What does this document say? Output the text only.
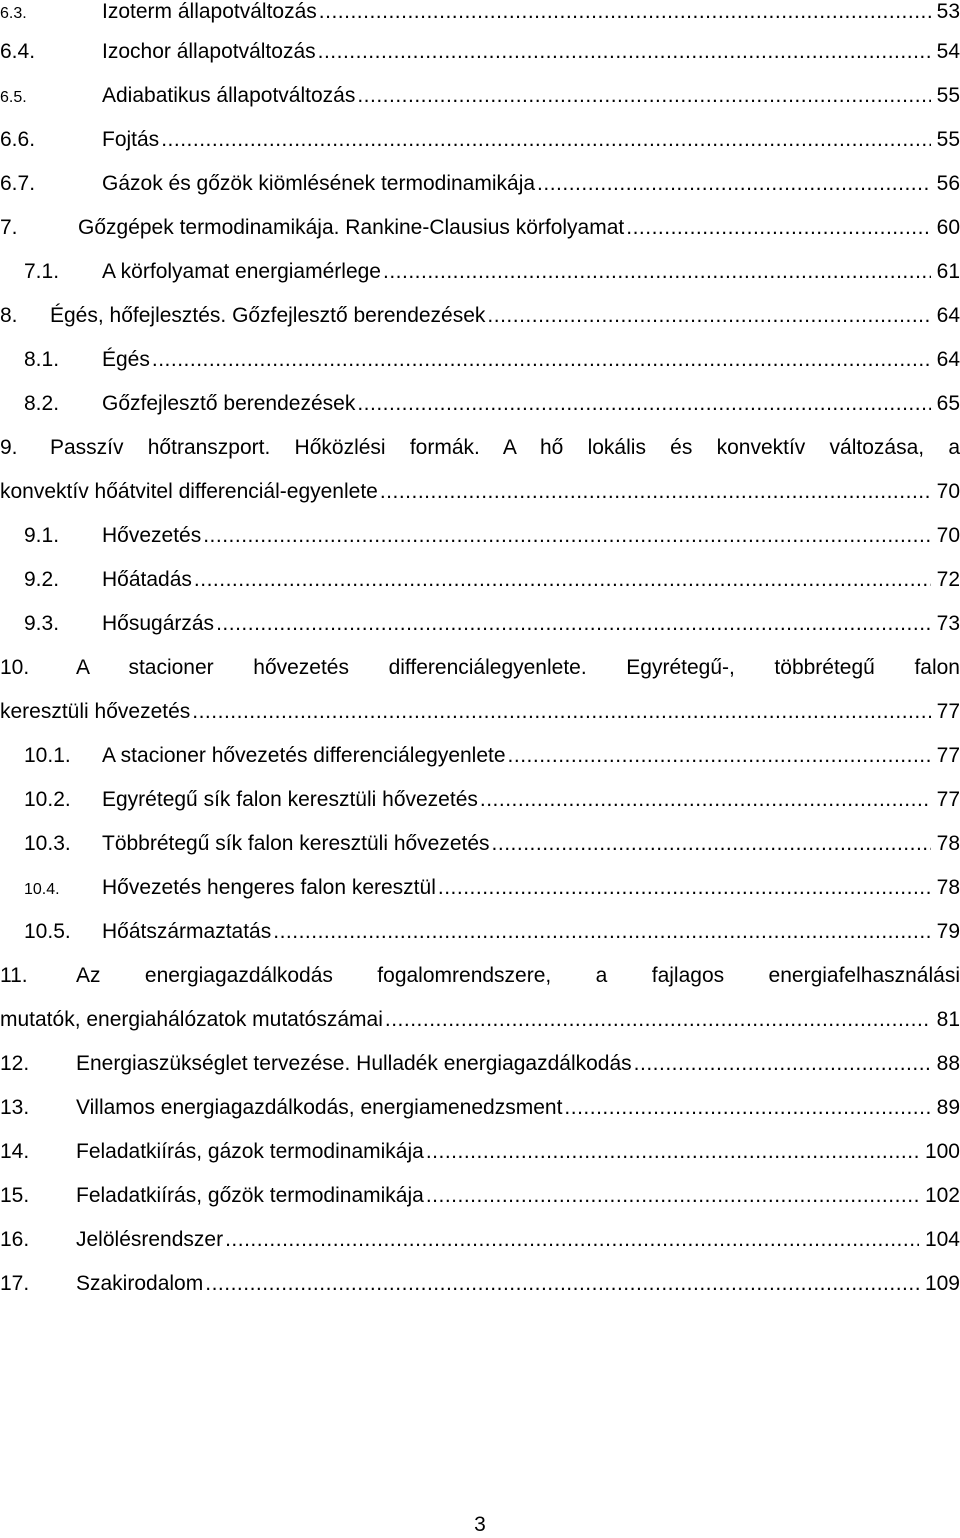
6.3.	Izoterm állapotváltozás .....	53
6.4.	Izochor állapotváltozás .....	54
6.5.	Adiabatikus állapotváltozás .....	55
6.6.	Fojtás .....	55
6.7.	Gázok és gőzök kiömlésének termodinamikája .....	56
7.	Gőzgépek termodinamikája. Rankine-Clausius körfolyamat .....	60
7.1.	A körfolyamat energiamérlege .....	61
8.	Égés, hőfejlesztés. Gőzfejlesztő berendezések .....	64
8.1.	Égés .....	64
8.2.	Gőzfejlesztő berendezések .....	65
9.	Passzív hőtranszport. Hőközlési formák. A hő lokális és konvektív változása, a
konvektív hőátvitel differenciál-egyenlete .....	70
9.1.	Hővezetés .....	70
9.2.	Hőátadás .....	72
9.3.	Hősugárzás .....	73
10.	A stacioner hővezetés differenciálegyenlete. Egyrétegű-, többrétegű falon
keresztüli hővezetés .....	77
10.1.	A stacioner hővezetés differenciálegyenlete .....	77
10.2.	Egyrétegű sík falon keresztüli hővezetés .....	77
10.3.	Többrétegű sík falon keresztüli hővezetés .....	78
10.4.	Hővezetés hengeres falon keresztül .....	78
10.5.	Hőátszármaztatás .....	79
11.	Az energiagazdálkodás fogalomrendszere, a fajlagos energiafelhasználási
mutatók, energiahálózatok mutatószámai .....	81
12.	Energiaszükséglet tervezése. Hulladék energiagazdálkodás .....	88
13.	Villamos energiagazdálkodás, energiamenedzsment .....	89
14.	Feladatkiírás, gázok termodinamikája .....	100
15.	Feladatkiírás, gőzök termodinamikája .....	102
16.	Jelölésrendszer .....	104
17.	Szakirodalom .....	109
3
